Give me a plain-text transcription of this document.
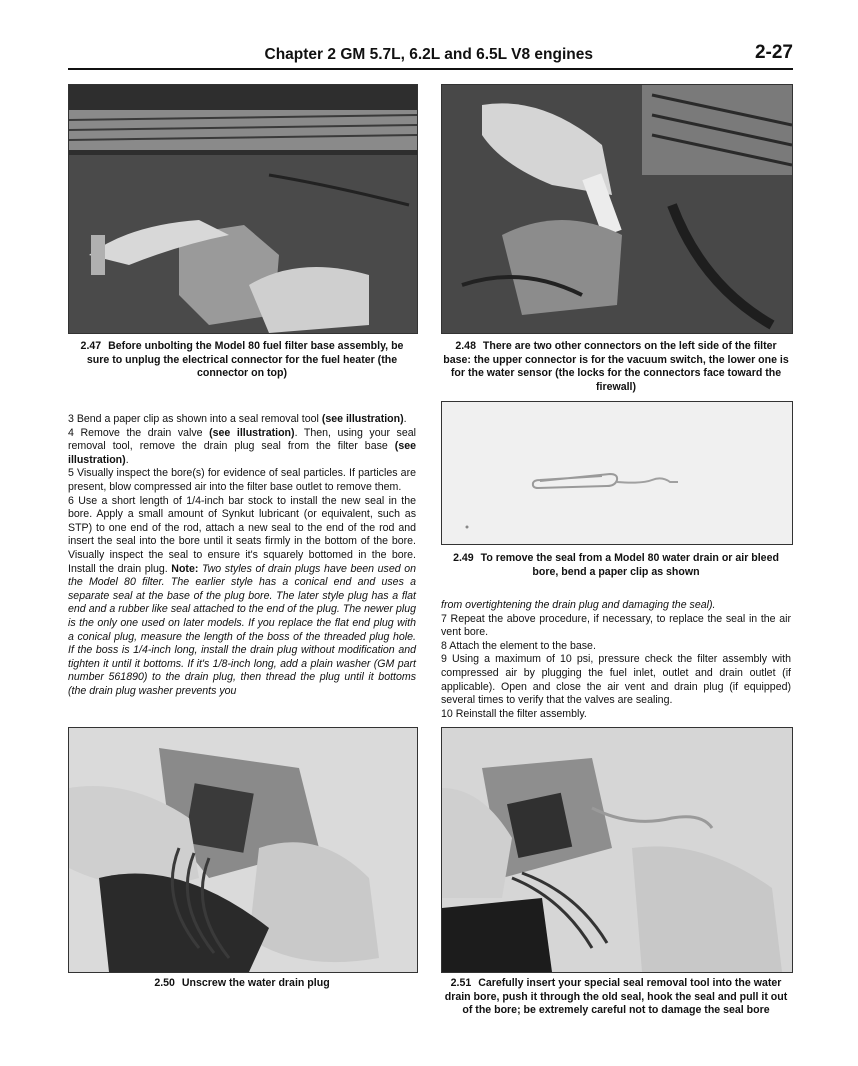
Chapter 2 GM 5.7L, 6.2L and 6.5L V8 engines	2-27
2.47 Before unbolting the Model 80 fuel filter base assembly, be sure to unplug the electrical connector for the fuel heater (the connector on top)
2.48 There are two other connectors on the left side of the filter base: the upper connector is for the vacuum switch, the lower one is for the water sensor (the locks for the connectors face toward the firewall)

3 Bend a paper clip as shown into a seal removal tool (see illustration).

4 Remove the drain valve (see illustration). Then, using your seal removal tool, remove the drain plug seal from the filter base (see illustration).

5 Visually inspect the bore(s) for evidence of seal particles. If particles are present, blow compressed air into the filter base outlet to remove them.

6 Use a short length of 1/4-inch bar stock to install the new seal in the bore. Apply a small amount of Synkut lubricant (or equivalent, such as STP) to one end of the rod, attach a new seal to the end of the rod and insert the seal into the bore until it seats firmly in the bottom of the bore. Visually inspect the seal to ensure it's squarely bottomed in the bore. Install the drain plug. Note: Two styles of drain plugs have been used on the Model 80 filter. The earlier style has a conical end and uses a separate seal at the base of the plug bore. The later style plug has a flat end and a rubber like seal attached to the end of the plug. The newer plug is the only one used on later models. If you replace the flat end plug with a conical plug, measure the length of the boss of the threaded plug hole. If the boss is 1/4-inch long, install the drain plug without modification and tighten it until it bottoms. If it's 1/8-inch long, add a plain washer (GM part number 561890) to the drain plug, then thread the plug until it bottoms (the drain plug washer prevents you

2.49 To remove the seal from a Model 80 water drain or air bleed bore, bend a paper clip as shown

from overtightening the drain plug and damaging the seal).

7 Repeat the above procedure, if necessary, to replace the seal in the air vent bore.

8 Attach the element to the base.

9 Using a maximum of 10 psi, pressure check the filter assembly with compressed air by plugging the fuel inlet, outlet and drain outlet (if applicable). Open and close the air vent and drain plug (if equipped) several times to verify that the valves are sealing.

10 Reinstall the filter assembly.

2.50 Unscrew the water drain plug	2.51 Carefully insert your special seal removal tool into the water drain bore, push it through the old seal, hook the seal and pull it out of the bore; be extremely careful not to damage the seal bore
